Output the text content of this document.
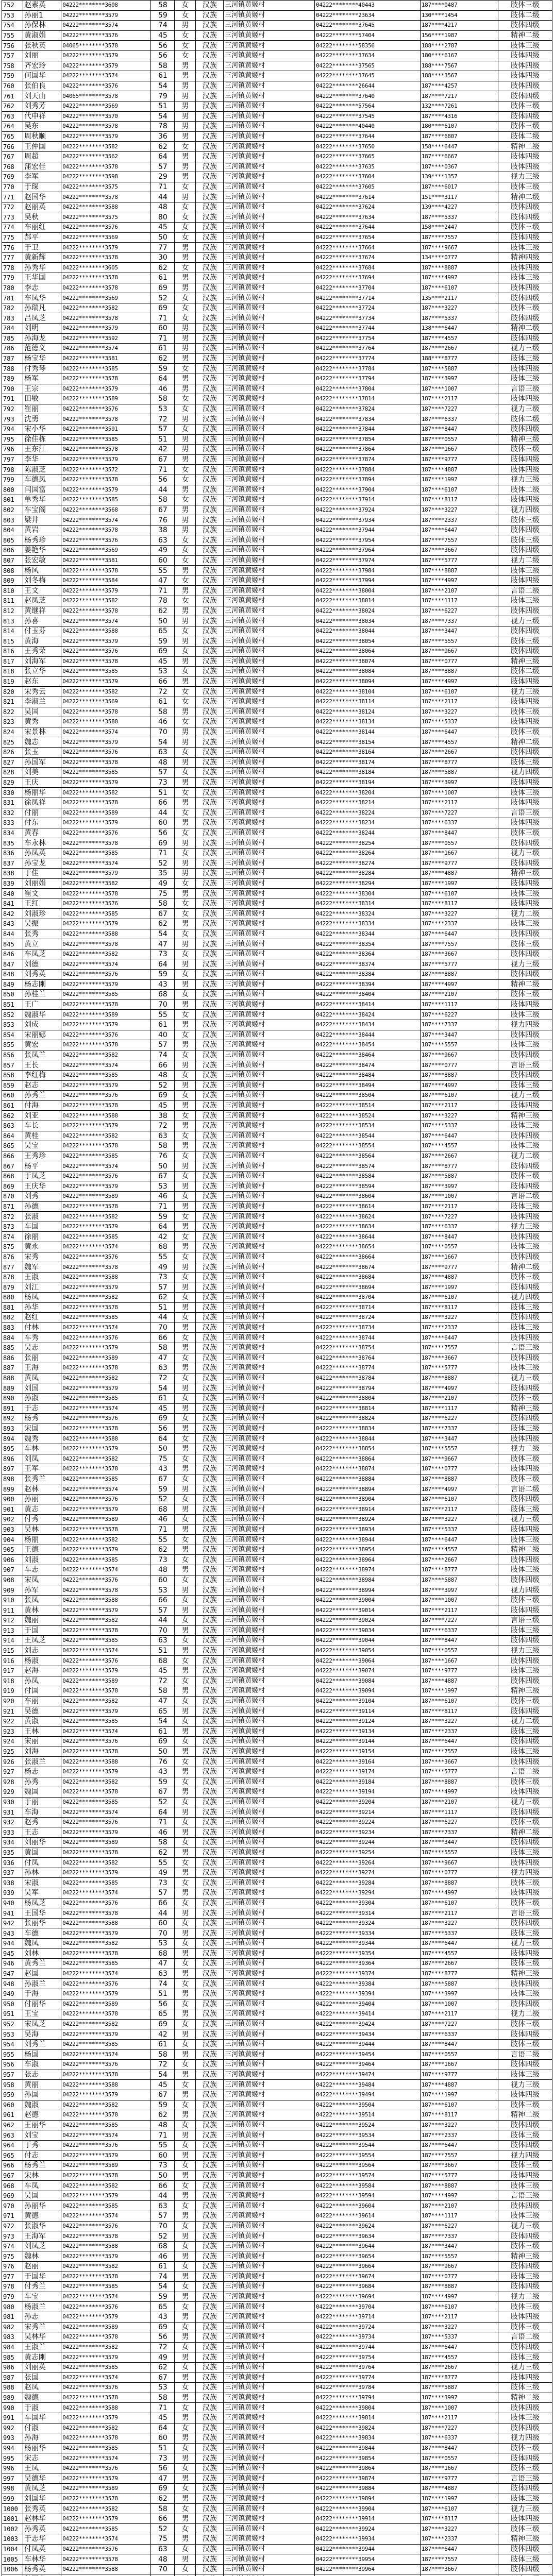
752	赵素英	04222********3608	58	女	汉族	三河镇黄姬村	04222********40443	187****0487	肢体三级
753	孙丽1	04222********3579	59	女	汉族	三河镇黄姬村	04222********23634	130****1454	肢体二级
754	孙保林	04222********3574	74	男	汉族	三河镇黄姬村	04222********37645	187****4217	肢体四级
755	黄淑娟	04222********3576	45	女	汉族	三河镇黄姬村	04222********57404	156****1987	精神二级
756	张秋英	04065********3578	56	女	汉族	三河镇黄姬村	04222********58356	188****2787	肢体三级
757	刘丽	04222********3579	56	女	汉族	三河镇黄姬村	04222********37634	180****6167	肢体四级
758	齐宏玲	04222********3579	58	男	汉族	三河镇黄姬村	04222********37565	188****7567	肢体四级
759	何国华	04222********3574	61	男	汉族	三河镇黄姬村	04222********37645	188****3567	肢体四级
760	张伯良	04222********3576	54	男	汉族	三河镇黄姬村	04222********26644	187****4257	肢体四级
761	刘天山	04065********3578	79	男	汉族	三河镇黄姬村	04222********37640	187****7217	肢体四级
762	刘秀芳	04222********3569	51	男	汉族	三河镇黄姬村	04222********57564	132****7261	肢体三级
763	代申祥	04222********3570	54	男	汉族	三河镇黄姬村	04222********37545	187****4316	肢体四级
764	吴东	04222********3578	78	男	汉族	三河镇黄姬村	04222********40440	180****6107	肢体三级
765	周秋顺	04222********3579	36	男	汉族	三河镇黄姬村	04222********37644	187****6807	肢体二级
766	王仲国	04222********3582	62	女	汉族	三河镇黄姬村	04222********37650	158****6447	精神二级
767	周超	04222********3562	64	男	汉族	三河镇黄姬村	04222********37665	187****6667	肢体四级
768	蒲宏佳	04222********3578	57	男	汉族	三河镇黄姬村	04222********37635	187****0367	肢体四级
769	李军	04222********3598	29	男	汉族	三河镇黄姬村	04222********37604	139****1357	视力三级
770	于琛	04222********3575	71	女	汉族	三河镇黄姬村	04222********37605	187****6017	肢体三级
771	赵国华	04222********3578	44	男	汉族	三河镇黄姬村	04222********37614	151****3117	精神二级
772	赵丽英	04222********3588	48	女	汉族	三河镇黄姬村	04222********37624	139****4227	肢体四级
773	吴秋	04222********3575	80	女	汉族	三河镇黄姬村	04222********37634	187****5337	肢体四级
774	车丽红	04222********3576	45	女	汉族	三河镇黄姬村	04222********37644	158****2447	肢体三级
775	郝平	04222********3569	50	女	汉族	三河镇黄姬村	04222********37654	187****7557	肢体四级
776	于卫	04222********3579	77	男	汉族	三河镇黄姬村	04222********37664	187****9667	肢体三级
777	黄新辉	04222********3578	30	男	汉族	三河镇黄姬村	04222********37674	134****0777	精神四级
778	孙秀华	04222********3605	62	女	汉族	三河镇黄姬村	04222********37684	187****8887	肢体四级
779	王华国	04222********3578	61	男	汉族	三河镇黄姬村	04222********37694	187****4997	肢体三级
780	李志	04222********3578	69	男	汉族	三河镇黄姬村	04222********37704	187****6107	肢体四级
781	车凤华	04222********3569	52	女	汉族	三河镇黄姬村	04222********37714	135****2117	肢体四级
782	孙瑞凡	04222********3582	69	女	汉族	三河镇黄姬村	04222********37724	187****3227	肢体三级
783	吕凤芝	04222********3578	71	女	汉族	三河镇黄姬村	04222********37734	187****5337	肢体四级
784	刘明	04222********3579	60	男	汉族	三河镇黄姬村	04222********37744	138****6447	精神二级
785	孙海龙	04222********3592	71	男	汉族	三河镇黄姬村	04222********37754	187****4557	肢体四级
786	范德义	04222********3574	61	男	汉族	三河镇黄姬村	04222********37764	187****2667	视力三级
787	杨宝华	04222********3581	62	男	汉族	三河镇黄姬村	04222********37774	188****8777	肢体三级
788	付秀琴	04222********3585	59	女	汉族	三河镇黄姬村	04222********37784	187****5887	肢体四级
789	杨军	04222********3578	64	男	汉族	三河镇黄姬村	04222********37794	187****3997	肢体三级
790	王宗	04222********3579	46	男	汉族	三河镇黄姬村	04222********37804	187****1007	言语三级
791	田敏	04222********3589	58	女	汉族	三河镇黄姬村	04222********37814	187****2117	肢体四级
792	崔丽	04222********3576	53	女	汉族	三河镇黄姬村	04222********37824	187****7227	视力三级
793	沈勇	04222********3578	72	男	汉族	三河镇黄姬村	04222********37834	187****6337	肢体二级
794	宋小华	04222********3591	57	女	汉族	三河镇黄姬村	04222********37844	187****8447	肢体四级
795	徐佳栋	04222********3585	51	男	汉族	三河镇黄姬村	04222********37854	187****0557	精神三级
796	王东江	04222********3578	42	男	汉族	三河镇黄姬村	04222********37864	187****1667	肢体三级
797	李华	04222********3579	67	男	汉族	三河镇黄姬村	04222********37874	187****9777	肢体四级
798	陈淑芝	04222********3572	71	女	汉族	三河镇黄姬村	04222********37884	187****4887	肢体四级
799	车德凤	04222********3578	56	女	汉族	三河镇黄姬村	04222********37894	187****1997	视力三级
800	闫国富	04222********3579	44	男	汉族	三河镇黄姬村	04222********37904	187****6107	肢体二级
801	单秀华	04222********3585	58	女	汉族	三河镇黄姬村	04222********37914	187****8117	肢体四级
802	车宝阁	04222********3568	67	男	汉族	三河镇黄姬村	04222********37924	187****3227	视力四级
803	梁井	04222********3574	76	男	汉族	三河镇黄姬村	04222********37934	187****2337	肢体三级
804	黄岩	04222********3578	38	男	汉族	三河镇黄姬村	04222********37944	187****6447	肢体四级
805	杨秀珍	04222********3576	63	女	汉族	三河镇黄姬村	04222********37954	187****7557	肢体三级
806	姜艳华	04222********3569	49	女	汉族	三河镇黄姬村	04222********37964	187****3667	肢体四级
807	张宏敏	04222********3581	60	女	汉族	三河镇黄姬村	04222********37974	187****5777	视力二级
808	杨风	04222********3578	55	男	汉族	三河镇黄姬村	04222********37984	187****8887	肢体三级
809	刘冬梅	04222********3584	47	女	汉族	三河镇黄姬村	04222********37994	187****4997	肢体四级
810	王文	04222********3579	71	男	汉族	三河镇黄姬村	04222********38004	187****2107	言语二级
811	赵凤芝	04222********3582	78	女	汉族	三河镇黄姬村	04222********38014	187****1117	肢体三级
812	黄继祥	04222********3578	62	男	汉族	三河镇黄姬村	04222********38024	187****6227	肢体四级
813	孙喜	04222********3574	50	男	汉族	三河镇黄姬村	04222********38034	187****7337	视力三级
814	付玉芬	04222********3588	65	女	汉族	三河镇黄姬村	04222********38044	187****3447	肢体四级
815	黄海	04222********3579	59	男	汉族	三河镇黄姬村	04222********38054	187****5557	肢体三级
816	王秀荣	04222********3576	69	女	汉族	三河镇黄姬村	04222********38064	187****9667	肢体四级
817	刘海军	04222********3578	45	男	汉族	三河镇黄姬村	04222********38074	187****0777	精神三级
818	张立华	04222********3585	53	女	汉族	三河镇黄姬村	04222********38084	187****8887	肢体二级
819	赵东	04222********3579	66	男	汉族	三河镇黄姬村	04222********38094	187****4997	肢体四级
820	宋秀云	04222********3582	72	女	汉族	三河镇黄姬村	04222********38104	187****6107	视力三级
821	李淑兰	04222********3569	61	女	汉族	三河镇黄姬村	04222********38114	187****2117	肢体四级
822	吴国	04222********3578	58	男	汉族	三河镇黄姬村	04222********38124	187****3227	肢体三级
823	黄秀	04222********3588	46	女	汉族	三河镇黄姬村	04222********38134	187****5337	肢体四级
824	宋景林	04222********3574	70	男	汉族	三河镇黄姬村	04222********38144	187****6447	肢体三级
825	魏志	04222********3579	54	男	汉族	三河镇黄姬村	04222********38154	187****4557	精神二级
826	张玉	04222********3576	63	女	汉族	三河镇黄姬村	04222********38164	187****2667	肢体四级
827	孙国军	04222********3578	48	男	汉族	三河镇黄姬村	04222********38174	187****8777	肢体三级
828	刘美	04222********3585	57	女	汉族	三河镇黄姬村	04222********38184	187****5887	视力四级
829	王庆	04222********3579	73	男	汉族	三河镇黄姬村	04222********38194	187****3997	肢体四级
830	杨丽华	04222********3582	51	女	汉族	三河镇黄姬村	04222********38204	187****1007	肢体三级
831	徐凤祥	04222********3578	66	男	汉族	三河镇黄姬村	04222********38214	187****2117	肢体四级
832	付丽	04222********3589	44	女	汉族	三河镇黄姬村	04222********38224	187****7227	言语三级
833	付东	04222********3579	60	男	汉族	三河镇黄姬村	04222********38234	187****6337	肢体四级
834	黄春	04222********3576	56	女	汉族	三河镇黄姬村	04222********38244	187****8447	肢体三级
835	车永林	04222********3578	69	男	汉族	三河镇黄姬村	04222********38254	187****0557	肢体四级
836	孙凤英	04222********3585	71	女	汉族	三河镇黄姬村	04222********38264	187****1667	视力三级
837	孙宝龙	04222********3574	52	男	汉族	三河镇黄姬村	04222********38274	187****9777	肢体四级
838	于佳	04222********3579	35	男	汉族	三河镇黄姬村	04222********38284	187****4887	精神三级
839	刘丽娟	04222********3582	49	女	汉族	三河镇黄姬村	04222********38294	187****1997	肢体四级
840	崔文	04222********3578	75	男	汉族	三河镇黄姬村	04222********38304	187****6107	肢体三级
841	王红	04222********3576	58	女	汉族	三河镇黄姬村	04222********38314	187****8117	肢体四级
842	刘淑珍	04222********3585	67	女	汉族	三河镇黄姬村	04222********38324	187****3227	视力二级
843	吴振	04222********3579	62	男	汉族	三河镇黄姬村	04222********38334	187****2337	肢体三级
844	张秀	04222********3588	54	女	汉族	三河镇黄姬村	04222********38344	187****6447	肢体四级
845	黄立	04222********3578	47	男	汉族	三河镇黄姬村	04222********38354	187****7557	肢体三级
846	车凤芝	04222********3582	73	女	汉族	三河镇黄姬村	04222********38364	187****3667	肢体四级
847	刘德	04222********3574	64	男	汉族	三河镇黄姬村	04222********38374	187****5777	视力三级
848	刘秀英	04222********3576	59	女	汉族	三河镇黄姬村	04222********38384	187****8887	肢体四级
849	杨志刚	04222********3579	43	男	汉族	三河镇黄姬村	04222********38394	187****4997	精神二级
850	孙桂兰	04222********3585	68	女	汉族	三河镇黄姬村	04222********38404	187****2107	肢体三级
851	王广	04222********3578	70	男	汉族	三河镇黄姬村	04222********38414	187****1117	肢体四级
852	魏淑华	04222********3589	55	女	汉族	三河镇黄姬村	04222********38424	187****6227	肢体三级
853	刘成	04222********3579	61	男	汉族	三河镇黄姬村	04222********38434	187****7337	视力四级
854	宋丽娜	04222********3576	40	女	汉族	三河镇黄姬村	04222********38444	187****3447	肢体四级
855	黄宏	04222********3578	57	男	汉族	三河镇黄姬村	04222********38454	187****5557	肢体三级
856	张凤兰	04222********3582	74	女	汉族	三河镇黄姬村	04222********38464	187****9667	肢体四级
857	王长	04222********3574	66	男	汉族	三河镇黄姬村	04222********38474	187****0777	言语三级
858	李红梅	04222********3585	48	女	汉族	三河镇黄姬村	04222********38484	187****8887	肢体四级
859	赵志	04222********3579	52	男	汉族	三河镇黄姬村	04222********38494	187****4997	肢体三级
860	孙秀兰	04222********3576	69	女	汉族	三河镇黄姬村	04222********38504	187****6107	视力三级
861	付海	04222********3578	45	男	汉族	三河镇黄姬村	04222********38514	187****2117	肢体四级
862	刘亚	04222********3588	38	女	汉族	三河镇黄姬村	04222********38524	187****3227	精神三级
863	车长	04222********3579	72	男	汉族	三河镇黄姬村	04222********38534	187****5337	肢体三级
864	黄桂	04222********3582	63	女	汉族	三河镇黄姬村	04222********38544	187****6447	肢体四级
865	吴宝	04222********3578	58	男	汉族	三河镇黄姬村	04222********38554	187****4557	肢体三级
866	王秀珍	04222********3585	76	女	汉族	三河镇黄姬村	04222********38564	187****2667	视力二级
867	杨平	04222********3574	50	男	汉族	三河镇黄姬村	04222********38574	187****8777	肢体四级
868	于凤芝	04222********3576	67	女	汉族	三河镇黄姬村	04222********38584	187****5887	肢体三级
869	王庆华	04222********3579	53	男	汉族	三河镇黄姬村	04222********38594	187****3997	肢体四级
870	刘秀	04222********3589	46	女	汉族	三河镇黄姬村	04222********38604	187****1007	言语二级
871	孙德	04222********3578	71	男	汉族	三河镇黄姬村	04222********38614	187****2117	肢体三级
872	张淑	04222********3582	59	女	汉族	三河镇黄姬村	04222********38624	187****7227	肢体四级
873	车国	04222********3579	64	男	汉族	三河镇黄姬村	04222********38634	187****6337	视力三级
874	徐丽	04222********3585	42	女	汉族	三河镇黄姬村	04222********38644	187****8447	肢体四级
875	黄永	04222********3574	68	男	汉族	三河镇黄姬村	04222********38654	187****0557	肢体三级
876	宋秀	04222********3576	55	女	汉族	三河镇黄姬村	04222********38664	187****1667	肢体四级
877	魏军	04222********3578	49	男	汉族	三河镇黄姬村	04222********38674	187****9777	精神二级
878	王淑	04222********3588	73	女	汉族	三河镇黄姬村	04222********38684	187****4887	肢体三级
879	刘江	04222********3579	57	男	汉族	三河镇黄姬村	04222********38694	187****1997	肢体四级
880	杨凤	04222********3582	62	女	汉族	三河镇黄姬村	04222********38704	187****6107	视力四级
881	孙华	04222********3578	51	男	汉族	三河镇黄姬村	04222********38714	187****8117	肢体三级
882	赵红	04222********3585	44	女	汉族	三河镇黄姬村	04222********38724	187****3227	肢体四级
883	付林	04222********3574	70	男	汉族	三河镇黄姬村	04222********38734	187****2337	肢体三级
884	车秀	04222********3576	66	女	汉族	三河镇黄姬村	04222********38744	187****6447	肢体四级
885	吴志	04222********3579	58	男	汉族	三河镇黄姬村	04222********38754	187****7557	言语三级
886	张丽	04222********3589	47	女	汉族	三河镇黄姬村	04222********38764	187****3667	肢体四级
887	王海	04222********3578	63	男	汉族	三河镇黄姬村	04222********38774	187****5777	肢体三级
888	黄凤	04222********3582	72	女	汉族	三河镇黄姬村	04222********38784	187****8887	视力三级
889	刘国	04222********3579	54	男	汉族	三河镇黄姬村	04222********38794	187****4997	肢体四级
890	孙淑	04222********3585	61	女	汉族	三河镇黄姬村	04222********38804	187****2107	肢体三级
891	于志	04222********3574	45	男	汉族	三河镇黄姬村	04222********38814	187****1117	精神三级
892	杨秀	04222********3576	69	女	汉族	三河镇黄姬村	04222********38824	187****6227	肢体四级
893	宋国	04222********3578	56	男	汉族	三河镇黄姬村	04222********38834	187****7337	肢体三级
894	魏秀	04222********3588	64	女	汉族	三河镇黄姬村	04222********38844	187****3447	肢体四级
895	车林	04222********3579	50	男	汉族	三河镇黄姬村	04222********38854	187****5557	视力二级
896	刘凤	04222********3582	75	女	汉族	三河镇黄姬村	04222********38864	187****9667	肢体三级
897	王军	04222********3578	43	男	汉族	三河镇黄姬村	04222********38874	187****0777	肢体四级
898	张秀兰	04222********3585	67	女	汉族	三河镇黄姬村	04222********38884	187****8887	肢体三级
899	赵林	04222********3574	59	男	汉族	三河镇黄姬村	04222********38894	187****4997	言语二级
900	孙丽	04222********3576	52	女	汉族	三河镇黄姬村	04222********38904	187****6107	肢体四级
901	黄志	04222********3579	68	男	汉族	三河镇黄姬村	04222********38914	187****2117	肢体三级
902	付秀	04222********3589	46	女	汉族	三河镇黄姬村	04222********38924	187****3227	视力三级
903	吴林	04222********3578	71	男	汉族	三河镇黄姬村	04222********38934	187****5337	肢体四级
904	杨丽	04222********3582	55	女	汉族	三河镇黄姬村	04222********38944	187****6447	肢体三级
905	王德	04222********3579	62	男	汉族	三河镇黄姬村	04222********38954	187****4557	精神二级
906	刘淑	04222********3585	73	女	汉族	三河镇黄姬村	04222********38964	187****2667	肢体四级
907	车志	04222********3574	48	男	汉族	三河镇黄姬村	04222********38974	187****8777	肢体三级
908	宋凤	04222********3576	60	女	汉族	三河镇黄姬村	04222********38984	187****5887	肢体四级
909	孙军	04222********3578	53	男	汉族	三河镇黄姬村	04222********38994	187****3997	视力四级
910	张凤	04222********3588	66	女	汉族	三河镇黄姬村	04222********39004	187****1007	肢体三级
911	黄林	04222********3579	57	男	汉族	三河镇黄姬村	04222********39014	187****2117	肢体四级
912	魏丽	04222********3582	44	女	汉族	三河镇黄姬村	04222********39024	187****7227	言语三级
913	于国	04222********3578	70	男	汉族	三河镇黄姬村	04222********39034	187****6337	肢体三级
914	王凤芝	04222********3585	63	女	汉族	三河镇黄姬村	04222********39044	187****8447	肢体四级
915	刘志	04222********3574	51	男	汉族	三河镇黄姬村	04222********39054	187****0557	视力三级
916	杨淑	04222********3576	68	女	汉族	三河镇黄姬村	04222********39064	187****1667	肢体四级
917	赵海	04222********3579	45	男	汉族	三河镇黄姬村	04222********39074	187****9777	肢体三级
918	孙凤	04222********3589	72	女	汉族	三河镇黄姬村	04222********39084	187****4887	肢体四级
919	付国	04222********3578	58	男	汉族	三河镇黄姬村	04222********39094	187****1997	精神三级
920	车丽	04222********3582	47	女	汉族	三河镇黄姬村	04222********39104	187****6107	肢体三级
921	吴德	04222********3579	65	男	汉族	三河镇黄姬村	04222********39114	187****8117	肢体四级
922	黄淑	04222********3585	54	女	汉族	三河镇黄姬村	04222********39124	187****3227	视力二级
923	王林	04222********3574	61	男	汉族	三河镇黄姬村	04222********39134	187****2337	肢体三级
924	宋丽	04222********3576	69	女	汉族	三河镇黄姬村	04222********39144	187****6447	肢体四级
925	刘海	04222********3578	50	男	汉族	三河镇黄姬村	04222********39154	187****7557	肢体三级
926	张淑兰	04222********3588	76	女	汉族	三河镇黄姬村	04222********39164	187****3667	肢体四级
927	杨志	04222********3579	43	男	汉族	三河镇黄姬村	04222********39174	187****5777	言语二级
928	孙秀	04222********3582	59	女	汉族	三河镇黄姬村	04222********39184	187****8887	肢体三级
929	魏国	04222********3578	67	男	汉族	三河镇黄姬村	04222********39194	187****4997	肢体四级
930	于丽	04222********3585	52	女	汉族	三河镇黄姬村	04222********39204	187****2107	视力三级
931	车海	04222********3574	64	男	汉族	三河镇黄姬村	04222********39214	187****1117	肢体四级
932	赵秀	04222********3576	71	女	汉族	三河镇黄姬村	04222********39224	187****6227	肢体三级
933	王志	04222********3579	46	男	汉族	三河镇黄姬村	04222********39234	187****7337	精神二级
934	刘丽华	04222********3589	58	女	汉族	三河镇黄姬村	04222********39244	187****3447	肢体四级
935	黄国	04222********3578	62	男	汉族	三河镇黄姬村	04222********39254	187****5557	肢体三级
936	付凤	04222********3582	55	女	汉族	三河镇黄姬村	04222********39264	187****9667	肢体四级
937	孙林	04222********3579	49	男	汉族	三河镇黄姬村	04222********39274	187****0777	视力四级
938	宋淑	04222********3585	73	女	汉族	三河镇黄姬村	04222********39284	187****8887	肢体三级
939	吴军	04222********3574	57	男	汉族	三河镇黄姬村	04222********39294	187****4997	肢体四级
940	杨凤芝	04222********3576	66	女	汉族	三河镇黄姬村	04222********39304	187****6107	肢体三级
941	王国华	04222********3578	44	男	汉族	三河镇黄姬村	04222********39314	187****2117	言语三级
942	张丽华	04222********3588	60	女	汉族	三河镇黄姬村	04222********39324	187****3227	肢体四级
943	车德	04222********3579	70	男	汉族	三河镇黄姬村	04222********39334	187****5337	肢体三级
944	魏凤	04222********3582	53	女	汉族	三河镇黄姬村	04222********39344	187****6447	视力三级
945	刘林	04222********3578	68	男	汉族	三河镇黄姬村	04222********39354	187****4557	肢体四级
946	黄秀兰	04222********3585	47	女	汉族	三河镇黄姬村	04222********39364	187****2667	肢体三级
947	赵国	04222********3574	63	男	汉族	三河镇黄姬村	04222********39374	187****8777	精神三级
948	孙淑兰	04222********3576	74	女	汉族	三河镇黄姬村	04222********39384	187****5887	肢体四级
949	于海	04222********3579	51	男	汉族	三河镇黄姬村	04222********39394	187****3997	肢体三级
950	付丽华	04222********3589	56	女	汉族	三河镇黄姬村	04222********39404	187****1007	肢体四级
951	王宝	04222********3578	65	男	汉族	三河镇黄姬村	04222********39414	187****2117	视力二级
952	宋凤芝	04222********3582	69	女	汉族	三河镇黄姬村	04222********39424	187****7227	肢体三级
953	吴海	04222********3579	42	男	汉族	三河镇黄姬村	04222********39434	187****6337	肢体四级
954	刘秀兰	04222********3585	61	女	汉族	三河镇黄姬村	04222********39444	187****8447	肢体三级
955	杨国	04222********3574	58	男	汉族	三河镇黄姬村	04222********39454	187****0557	言语二级
956	车淑	04222********3576	72	女	汉族	三河镇黄姬村	04222********39464	187****1667	肢体四级
957	张志	04222********3578	54	男	汉族	三河镇黄姬村	04222********39474	187****9777	肢体三级
958	黄丽	04222********3588	45	女	汉族	三河镇黄姬村	04222********39484	187****4887	视力三级
959	孙国	04222********3579	67	男	汉族	三河镇黄姬村	04222********39494	187****1997	肢体四级
960	魏淑	04222********3582	59	女	汉族	三河镇黄姬村	04222********39504	187****6107	肢体三级
961	赵德	04222********3578	62	男	汉族	三河镇黄姬村	04222********39514	187****8117	精神二级
962	王丽华	04222********3585	48	女	汉族	三河镇黄姬村	04222********39524	187****3227	肢体四级
963	刘宝	04222********3574	71	男	汉族	三河镇黄姬村	04222********39534	187****2337	肢体三级
964	于秀	04222********3576	55	女	汉族	三河镇黄姬村	04222********39544	187****6447	肢体四级
965	付志	04222********3579	60	男	汉族	三河镇黄姬村	04222********39554	187****7557	视力四级
966	杨秀兰	04222********3589	73	女	汉族	三河镇黄姬村	04222********39564	187****3667	肢体三级
967	宋林	04222********3578	50	男	汉族	三河镇黄姬村	04222********39574	187****5777	肢体四级
968	车凤	04222********3582	66	女	汉族	三河镇黄姬村	04222********39584	187****8887	肢体三级
969	吴国	04222********3579	44	男	汉族	三河镇黄姬村	04222********39594	187****4997	言语三级
970	孙丽华	04222********3585	63	女	汉族	三河镇黄姬村	04222********39604	187****2107	肢体四级
971	黄德	04222********3574	57	男	汉族	三河镇黄姬村	04222********39614	187****1117	肢体三级
972	张淑华	04222********3576	70	女	汉族	三河镇黄姬村	04222********39624	187****6227	视力三级
973	王海军	04222********3578	52	男	汉族	三河镇黄姬村	04222********39634	187****7337	肢体四级
974	刘凤芝	04222********3588	68	女	汉族	三河镇黄姬村	04222********39644	187****3447	肢体三级
975	魏林	04222********3579	46	男	汉族	三河镇黄姬村	04222********39654	187****5557	精神三级
976	赵丽	04222********3582	61	女	汉族	三河镇黄姬村	04222********39664	187****9667	肢体四级
977	于国华	04222********3578	74	男	汉族	三河镇黄姬村	04222********39674	187****0777	肢体三级
978	付秀兰	04222********3585	54	女	汉族	三河镇黄姬村	04222********39684	187****8887	肢体四级
979	车宝	04222********3574	59	男	汉族	三河镇黄姬村	04222********39694	187****4997	视力二级
980	杨淑兰	04222********3576	65	女	汉族	三河镇黄姬村	04222********39704	187****6107	肢体三级
981	孙志	04222********3579	43	男	汉族	三河镇黄姬村	04222********39714	187****2117	肢体四级
982	宋秀兰	04222********3589	69	女	汉族	三河镇黄姬村	04222********39724	187****3227	肢体三级
983	吴林华	04222********3578	56	男	汉族	三河镇黄姬村	04222********39734	187****5337	言语二级
984	王淑兰	04222********3582	72	女	汉族	三河镇黄姬村	04222********39744	187****6447	肢体四级
985	黄志刚	04222********3579	49	男	汉族	三河镇黄姬村	04222********39754	187****4557	肢体三级
986	刘丽英	04222********3585	62	女	汉族	三河镇黄姬村	04222********39764	187****2667	视力三级
987	张国	04222********3574	67	男	汉族	三河镇黄姬村	04222********39774	187****8777	肢体四级
988	赵凤	04222********3576	53	女	汉族	三河镇黄姬村	04222********39784	187****5887	肢体三级
989	魏德	04222********3578	58	男	汉族	三河镇黄姬村	04222********39794	187****3997	精神二级
990	于淑	04222********3588	71	女	汉族	三河镇黄姬村	04222********39804	187****1007	肢体四级
991	车国华	04222********3579	45	男	汉族	三河镇黄姬村	04222********39814	187****2117	肢体三级
992	付淑	04222********3582	64	女	汉族	三河镇黄姬村	04222********39824	187****7227	肢体四级
993	孙海	04222********3578	60	男	汉族	三河镇黄姬村	04222********39834	187****6337	视力四级
994	杨丽华	04222********3585	51	女	汉族	三河镇黄姬村	04222********39844	187****8447	肢体三级
995	宋志	04222********3574	73	男	汉族	三河镇黄姬村	04222********39854	187****0557	肢体四级
996	王凤	04222********3576	56	女	汉族	三河镇黄姬村	04222********39864	187****1667	肢体三级
997	吴德华	04222********3579	47	男	汉族	三河镇黄姬村	04222********39874	187****9777	言语三级
998	黄凤芝	04222********3589	69	女	汉族	三河镇黄姬村	04222********39884	187****4887	肢体四级
999	刘国华	04222********3578	62	男	汉族	三河镇黄姬村	04222********39894	187****1997	肢体三级
1000	张秀英	04222********3582	58	女	汉族	三河镇黄姬村	04222********39904	187****6107	视力三级
1001	赵林华	04222********3579	66	男	汉族	三河镇黄姬村	04222********39914	187****8117	肢体四级
1002	孙秀英	04222********3585	52	女	汉族	三河镇黄姬村	04222********39924	187****3227	肢体三级
1003	于志华	04222********3574	75	男	汉族	三河镇黄姬村	04222********39934	187****2337	精神三级
1004	付凤英	04222********3576	63	女	汉族	三河镇黄姬村	04222********39944	187****6447	肢体四级
1005	车林华	04222********3578	48	男	汉族	三河镇黄姬村	04222********39954	187****7557	肢体三级
1006	杨秀英	04222********3588	70	女	汉族	三河镇黄姬村	04222********39964	187****3667	肢体四级
